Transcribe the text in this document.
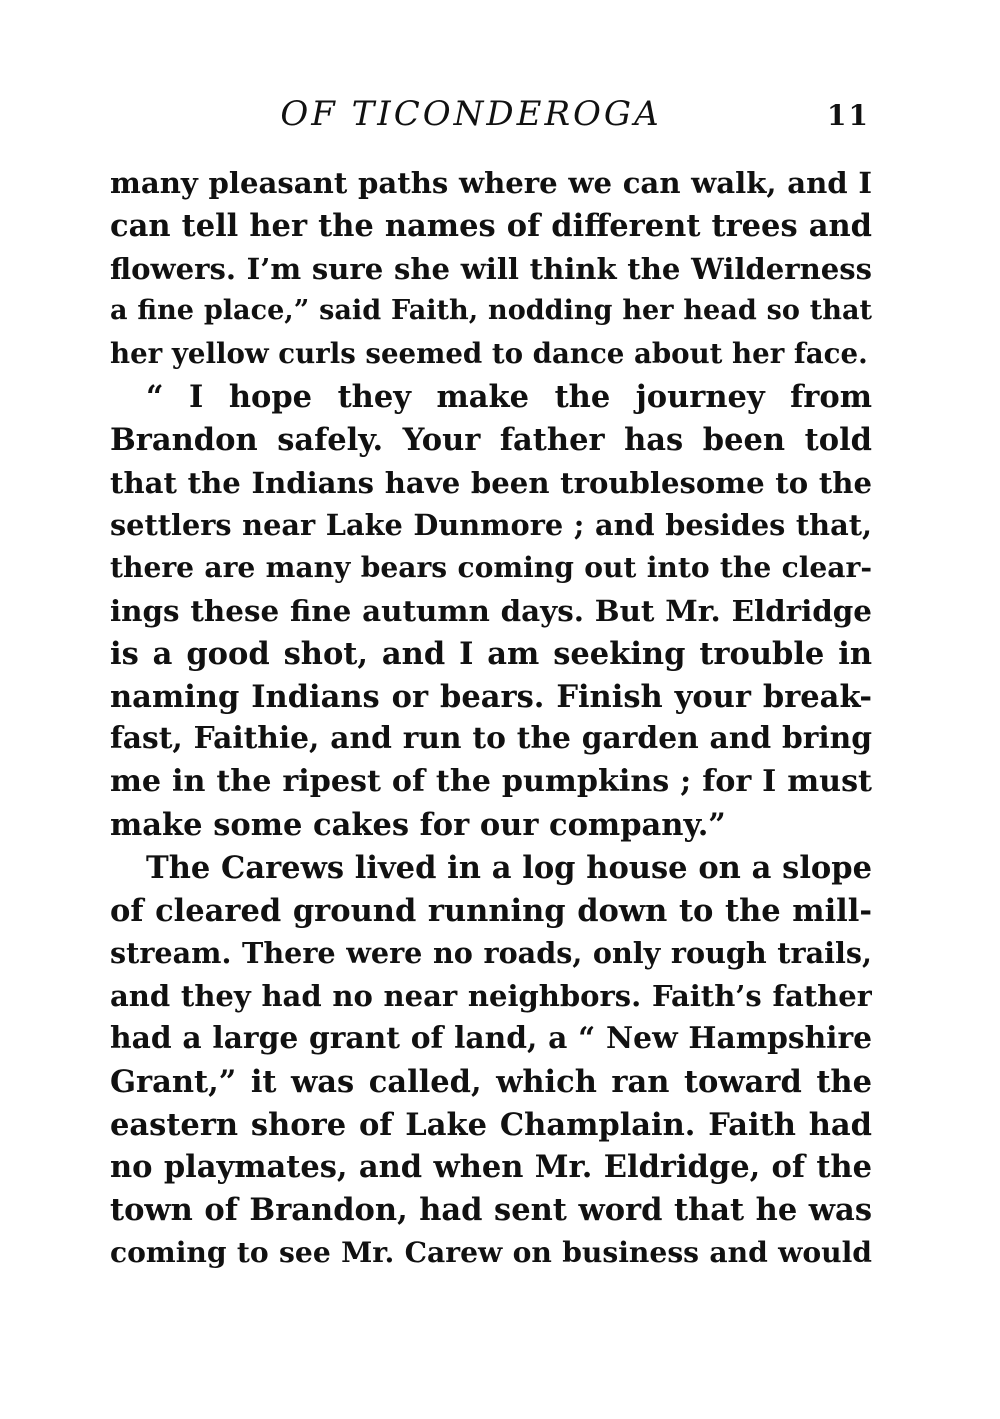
OF TICONDEROGA	11
many pleasant paths where we can walk, and I
can tell her the names of different trees and
flowers. I’m sure she will think the Wilderness
a fine place,” said Faith, nodding her head so that
her yellow curls seemed to dance about her face.
“ I hope they make the journey from
Brandon safely. Your father has been told
that the Indians have been troublesome to the
settlers near Lake Dunmore ; and besides that,
there are many bears coming out into the clear-
ings these fine autumn days. But Mr. Eldridge
is a good shot, and I am seeking trouble in
naming Indians or bears. Finish your break-
fast, Faithie, and run to the garden and bring
me in the ripest of the pumpkins ; for I must
make some cakes for our company.”
The Carews lived in a log house on a slope
of cleared ground running down to the mill-
stream. There were no roads, only rough trails,
and they had no near neighbors. Faith’s father
had a large grant of land, a “ New Hampshire
Grant,” it was called, which ran toward the
eastern shore of Lake Champlain. Faith had
no playmates, and when Mr. Eldridge, of the
town of Brandon, had sent word that he was
coming to see Mr. Carew on business and would
